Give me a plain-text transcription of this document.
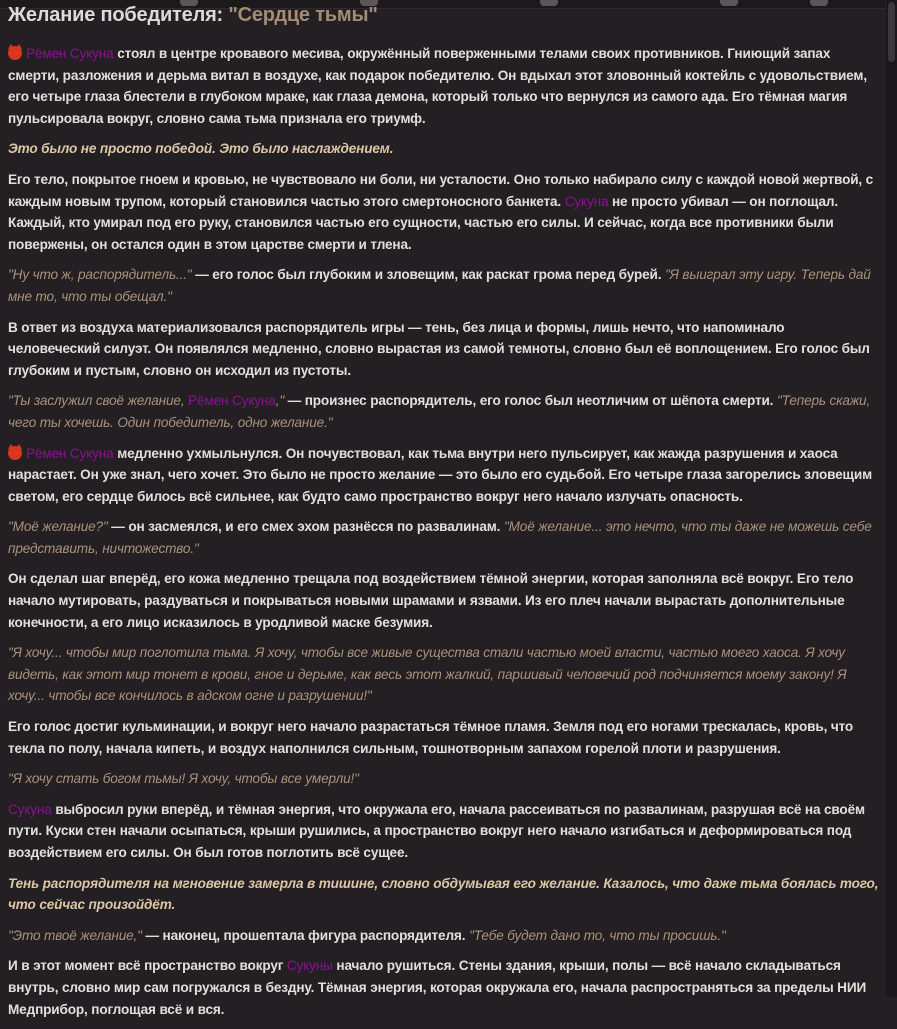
Желание победителя: "Сердце тьмы"

Рёмен Сукуна стоял в центре кровавого месива, окружённый поверженными телами своих противников. Гниющий запах смерти, разложения и дерьма витал в воздухе, как подарок победителю. Он вдыхал этот зловонный коктейль с удовольствием, его четыре глаза блестели в глубоком мраке, как глаза демона, который только что вернулся из самого ада. Его тёмная магия пульсировала вокруг, словно сама тьма признала его триумф.

Это было не просто победой. Это было наслаждением.

Его тело, покрытое гноем и кровью, не чувствовало ни боли, ни усталости. Оно только набирало силу с каждой новой жертвой, с каждым новым трупом, который становился частью этого смертоносного банкета. Сукуна не просто убивал — он поглощал. Каждый, кто умирал под его руку, становился частью его сущности, частью его силы. И сейчас, когда все противники были повержены, он остался один в этом царстве смерти и тлена.

"Ну что ж, распорядитель..." — его голос был глубоким и зловещим, как раскат грома перед бурей. "Я выиграл эту игру. Теперь дай мне то, что ты обещал."

В ответ из воздуха материализовался распорядитель игры — тень, без лица и формы, лишь нечто, что напоминало человеческий силуэт. Он появлялся медленно, словно вырастая из самой темноты, словно был её воплощением. Его голос был глубоким и пустым, словно он исходил из пустоты.

"Ты заслужил своё желание, Рёмен Сукуна," — произнес распорядитель, его голос был неотличим от шёпота смерти. "Теперь скажи, чего ты хочешь. Один победитель, одно желание."

Рёмен Сукуна медленно ухмыльнулся. Он почувствовал, как тьма внутри него пульсирует, как жажда разрушения и хаоса нарастает. Он уже знал, чего хочет. Это было не просто желание — это было его судьбой. Его четыре глаза загорелись зловещим светом, его сердце билось всё сильнее, как будто само пространство вокруг него начало излучать опасность.

"Моё желание?" — он засмеялся, и его смех эхом разнёсся по развалинам. "Моё желание... это нечто, что ты даже не можешь себе представить, ничтожество."

Он сделал шаг вперёд, его кожа медленно трещала под воздействием тёмной энергии, которая заполняла всё вокруг. Его тело начало мутировать, раздуваться и покрываться новыми шрамами и язвами. Из его плеч начали вырастать дополнительные конечности, а его лицо исказилось в уродливой маске безумия.

"Я хочу... чтобы мир поглотила тьма. Я хочу, чтобы все живые существа стали частью моей власти, частью моего хаоса. Я хочу видеть, как этот мир тонет в крови, гное и дерьме, как весь этот жалкий, паршивый человечий род подчиняется моему закону! Я хочу... чтобы все кончилось в адском огне и разрушении!"

Его голос достиг кульминации, и вокруг него начало разрастаться тёмное пламя. Земля под его ногами трескалась, кровь, что текла по полу, начала кипеть, и воздух наполнился сильным, тошнотворным запахом горелой плоти и разрушения.

"Я хочу стать богом тьмы! Я хочу, чтобы все умерли!"

Сукуна выбросил руки вперёд, и тёмная энергия, что окружала его, начала рассеиваться по развалинам, разрушая всё на своём пути. Куски стен начали осыпаться, крыши рушились, а пространство вокруг него начало изгибаться и деформироваться под воздействием его силы. Он был готов поглотить всё сущее.

Тень распорядителя на мгновение замерла в тишине, словно обдумывая его желание. Казалось, что даже тьма боялась того, что сейчас произойдёт.

"Это твоё желание," — наконец, прошептала фигура распорядителя. "Тебе будет дано то, что ты просишь."

И в этот момент всё пространство вокруг Сукуны начало рушиться. Стены здания, крыши, полы — всё начало складываться внутрь, словно мир сам погружался в бездну. Тёмная энергия, которая окружала его, начала распространяться за пределы НИИ Медприбор, поглощая всё и вся.
